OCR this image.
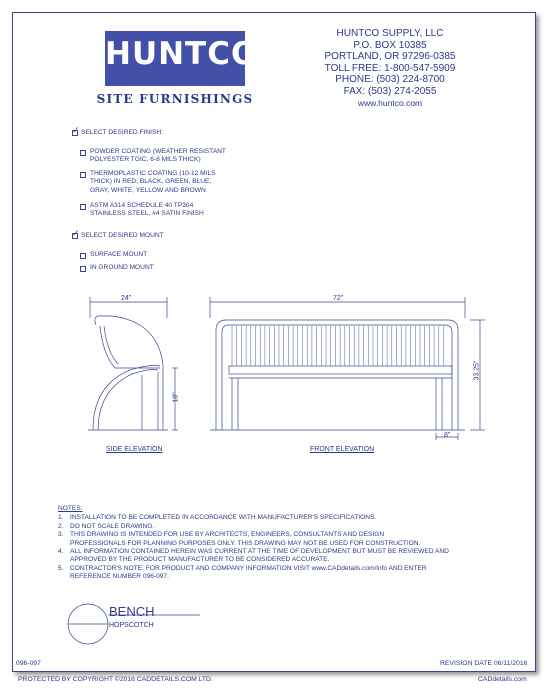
HUNTCO
SITE FURNISHINGS
HUNTCO SUPPLY, LLC
P.O. BOX 10385
PORTLAND, OR 97296-0385
TOLL FREE: 1-800-547-5909
PHONE: (503) 224-8700
FAX: (503) 274-2055
www.huntco.com
✓ SELECT DESIRED FINISH:
POWDER COATING (WEATHER RESISTANT
POLYESTER TGIC, 6-8 MILS THICK)
THERMOPLASTIC COATING (10-12 MILS
THICK) IN RED, BLACK, GREEN, BLUE,
GRAY, WHITE, YELLOW AND BROWN
ASTM A314 SCHEDULE 40 TP304
STAINLESS STEEL, #4 SATIN FINISH
✓ SELECT DESIRED MOUNT
SURFACE MOUNT
IN GROUND MOUNT
24"
18"
72"
33.25"
8"
SIDE ELEVATION	FRONT ELEVATION
NOTES:
1. INSTALLATION TO BE COMPLETED IN ACCORDANCE WITH MANUFACTURER'S SPECIFICATIONS.
2. DO NOT SCALE DRAWING.
3. THIS DRAWING IS INTENDED FOR USE BY ARCHITECTS, ENGINEERS, CONSULTANTS AND DESIGN
PROFESSIONALS FOR PLANNING PURPOSES ONLY. THIS DRAWING MAY NOT BE USED FOR CONSTRUCTION.
4. ALL INFORMATION CONTAINED HEREIN WAS CURRENT AT THE TIME OF DEVELOPMENT BUT MUST BE REVIEWED AND
APPROVED BY THE PRODUCT MANUFACTURER TO BE CONSIDERED ACCURATE.
5. CONTRACTOR'S NOTE: FOR PRODUCT AND COMPANY INFORMATION VISIT www.CADdetails.com/info AND ENTER
REFERENCE NUMBER 096-097.
BENCH
HOPSCOTCH
096-097	REVISION DATE 06/11/2016
PROTECTED BY COPYRIGHT ©2016 CADDETAILS.COM LTD.	CADdetails.com
